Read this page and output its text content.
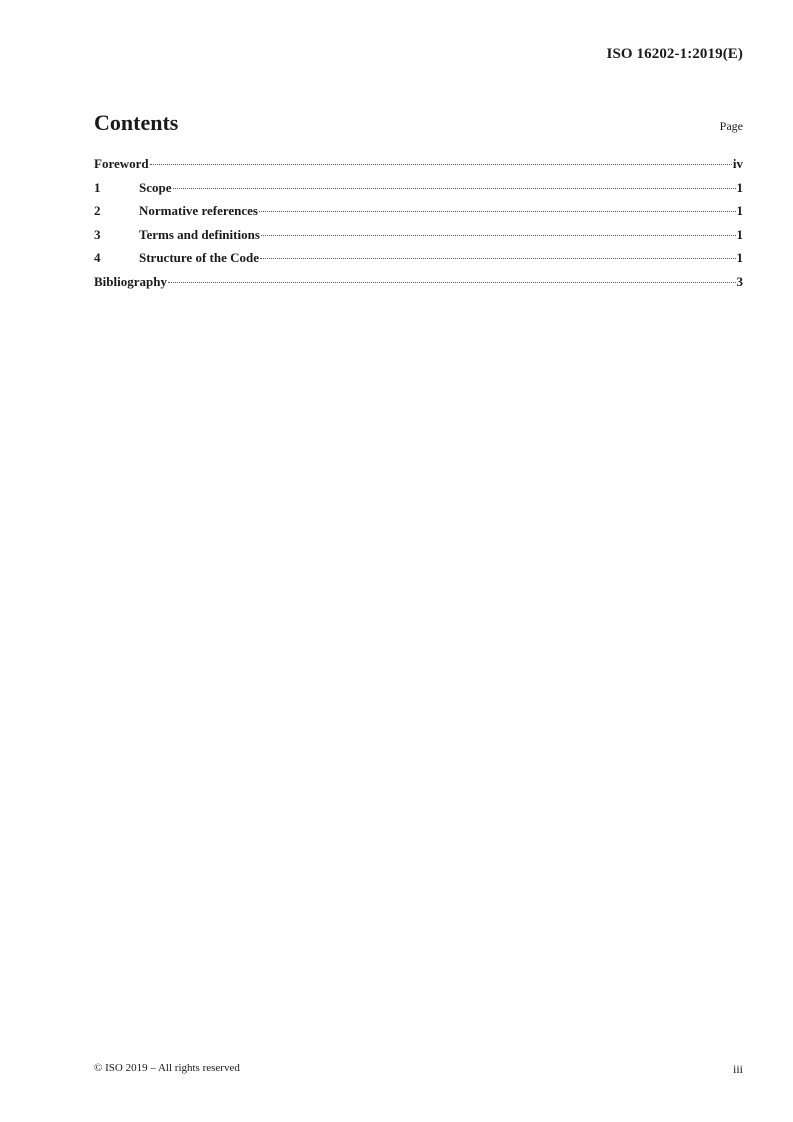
ISO 16202-1:2019(E)
Contents	Page
Foreword	iv
1	Scope	1
2	Normative references	1
3	Terms and definitions	1
4	Structure of the Code	1
Bibliography	3
© ISO 2019 – All rights reserved	iii
